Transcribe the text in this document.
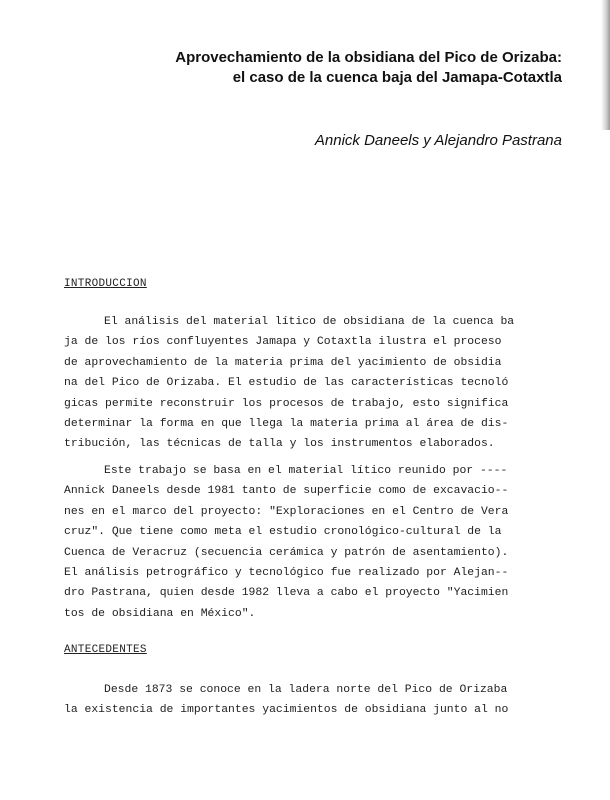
Aprovechamiento de la obsidiana del Pico de Orizaba:
el caso de la cuenca baja del Jamapa-Cotaxtla
Annick Daneels y Alejandro Pastrana
INTRODUCCION
El análisis del material lítico de obsidiana de la cuenca ba
ja de los ríos confluyentes Jamapa y Cotaxtla ilustra el proceso
de aprovechamiento de la materia prima del yacimiento de obsidia
na del Pico de Orizaba. El estudio de las características tecnoló
gicas permite reconstruir los procesos de trabajo, esto significa
determinar la forma en que llega la materia prima al área de dis-
tribución, las técnicas de talla y los instrumentos elaborados.
Este trabajo se basa en el material lítico reunido por ----
Annick Daneels desde 1981 tanto de superficie como de excavacio--
nes en el marco del proyecto: "Exploraciones en el Centro de Vera
cruz". Que tiene como meta el estudio cronológico-cultural de la
Cuenca de Veracruz (secuencia cerámica y patrón de asentamiento).
El análisis petrográfico y tecnológico fue realizado por Alejan--
dro Pastrana, quien desde 1982 lleva a cabo el proyecto "Yacimien
tos de obsidiana en México".
ANTECEDENTES
Desde 1873 se conoce en la ladera norte del Pico de Orizaba
la existencia de importantes yacimientos de obsidiana junto al no
